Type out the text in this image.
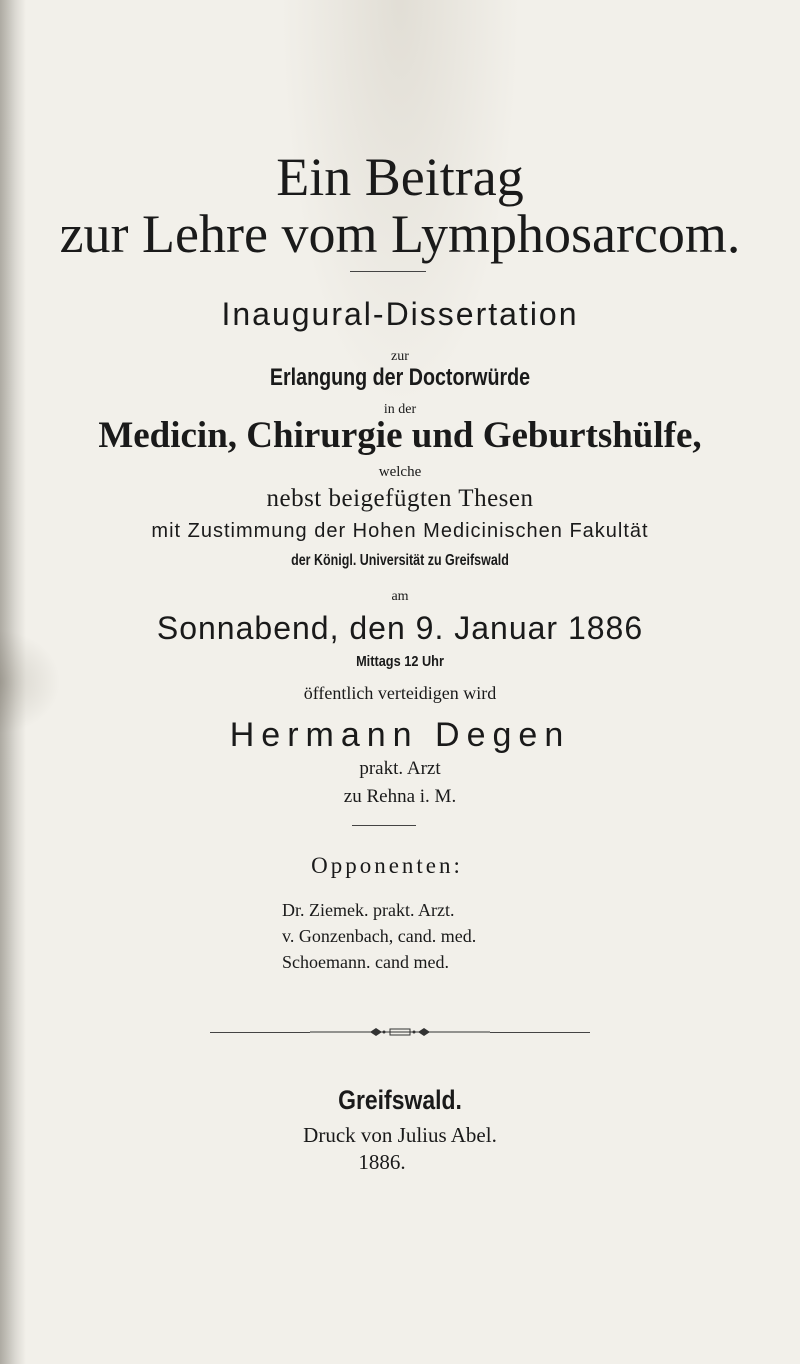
Ein Beitrag
zur Lehre vom Lymphosarcom.
Inaugural-Dissertation
zur
Erlangung der Doctorwürde
in der
Medicin, Chirurgie und Geburtshülfe,
welche
nebst beigefügten Thesen
mit Zustimmung der Hohen Medicinischen Fakultät
der Königl. Universität zu Greifswald
am
Sonnabend, den 9. Januar 1886
Mittags 12 Uhr
öffentlich verteidigen wird
Hermann Degen
prakt. Arzt
zu Rehna i. M.
Opponenten:
Dr. Ziemek. prakt. Arzt.
v. Gonzenbach, cand. med.
Schoemann. cand med.
Greifswald.
Druck von Julius Abel.
1886.
